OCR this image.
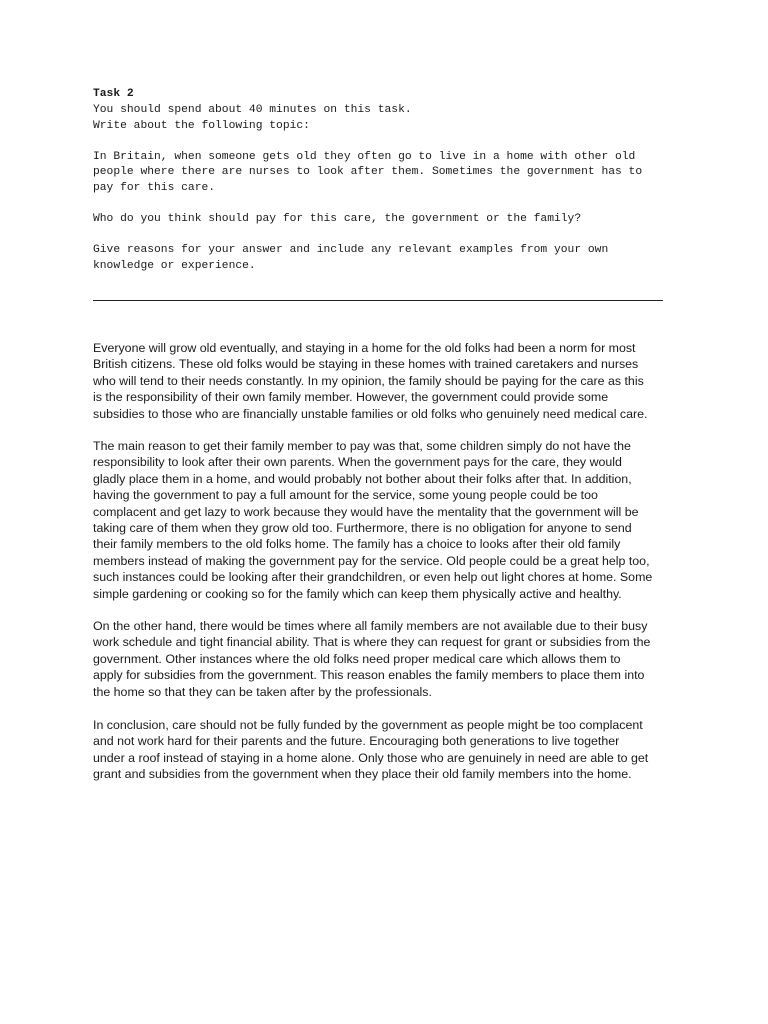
Task 2
You should spend about 40 minutes on this task.
Write about the following topic:
In Britain, when someone gets old they often go to live in a home with other old
people where there are nurses to look after them. Sometimes the government has to
pay for this care.
Who do you think should pay for this care, the government or the family?
Give reasons for your answer and include any relevant examples from your own
knowledge or experience.
Everyone will grow old eventually, and staying in a home for the old folks had been a norm for most
British citizens. These old folks would be staying in these homes with trained caretakers and nurses
who will tend to their needs constantly. In my opinion, the family should be paying for the care as this
is the responsibility of their own family member. However, the government could provide some
subsidies to those who are financially unstable families or old folks who genuinely need medical care.
The main reason to get their family member to pay was that, some children simply do not have the
responsibility to look after their own parents. When the government pays for the care, they would
gladly place them in a home, and would probably not bother about their folks after that. In addition,
having the government to pay a full amount for the service, some young people could be too
complacent and get lazy to work because they would have the mentality that the government will be
taking care of them when they grow old too. Furthermore, there is no obligation for anyone to send
their family members to the old folks home. The family has a choice to looks after their old family
members instead of making the government pay for the service. Old people could be a great help too,
such instances could be looking after their grandchildren, or even help out light chores at home. Some
simple gardening or cooking so for the family which can keep them physically active and healthy.
On the other hand, there would be times where all family members are not available due to their busy
work schedule and tight financial ability. That is where they can request for grant or subsidies from the
government. Other instances where the old folks need proper medical care which allows them to
apply for subsidies from the government. This reason enables the family members to place them into
the home so that they can be taken after by the professionals.
In conclusion, care should not be fully funded by the government as people might be too complacent
and not work hard for their parents and the future. Encouraging both generations to live together
under a roof instead of staying in a home alone. Only those who are genuinely in need are able to get
grant and subsidies from the government when they place their old family members into the home.
